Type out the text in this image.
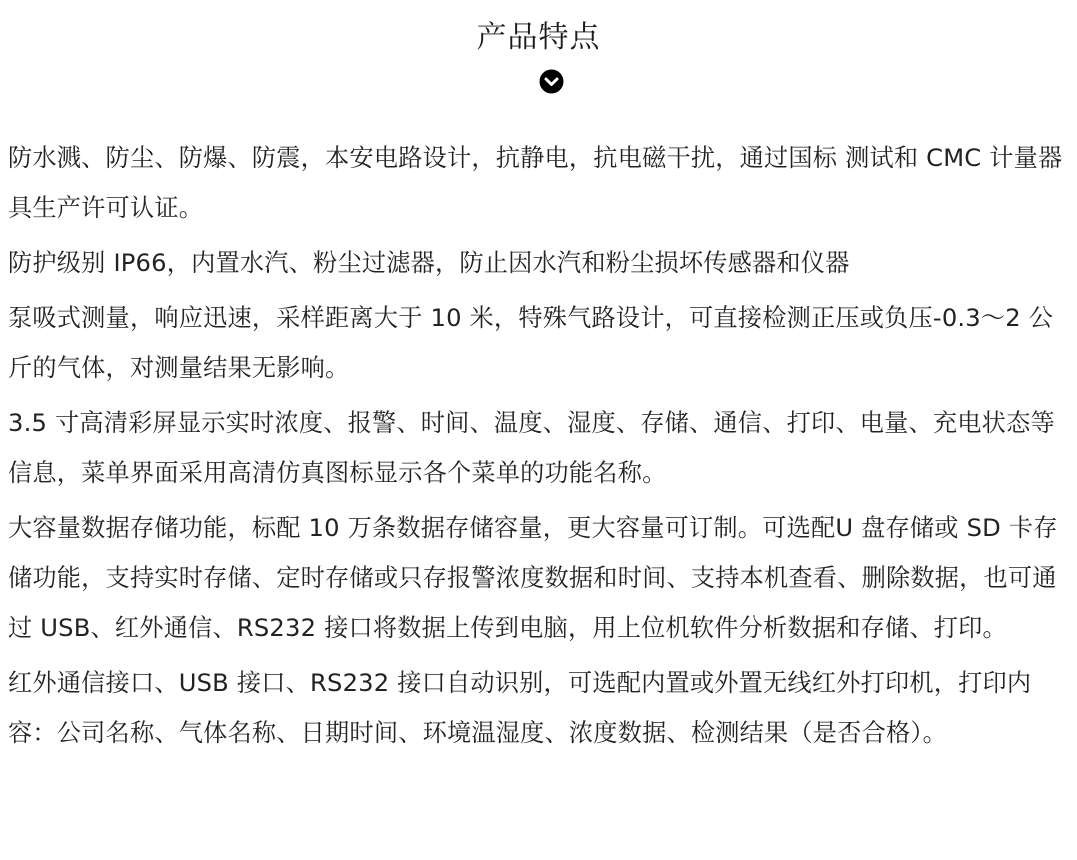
产品特点
防水溅、防尘、防爆、防震，本安电路设计，抗静电，抗电磁干扰，通过国标 测试和 CMC 计量器具生产许可认证。
防护级别 IP66，内置水汽、粉尘过滤器，防止因水汽和粉尘损坏传感器和仪器
泵吸式测量，响应迅速，采样距离大于 10 米，特殊气路设计，可直接检测正压或负压-0.3～2 公斤的气体，对测量结果无影响。
3.5 寸高清彩屏显示实时浓度、报警、时间、温度、湿度、存储、通信、打印、电量、充电状态等信息，菜单界面采用高清仿真图标显示各个菜单的功能名称。
大容量数据存储功能，标配 10 万条数据存储容量，更大容量可订制。可选配U 盘存储或 SD 卡存储功能，支持实时存储、定时存储或只存报警浓度数据和时间、支持本机查看、删除数据，也可通过 USB、红外通信、RS232 接口将数据上传到电脑，用上位机软件分析数据和存储、打印。
红外通信接口、USB 接口、RS232 接口自动识别，可选配内置或外置无线红外打印机，打印内容：公司名称、气体名称、日期时间、环境温湿度、浓度数据、检测结果（是否合格）。
